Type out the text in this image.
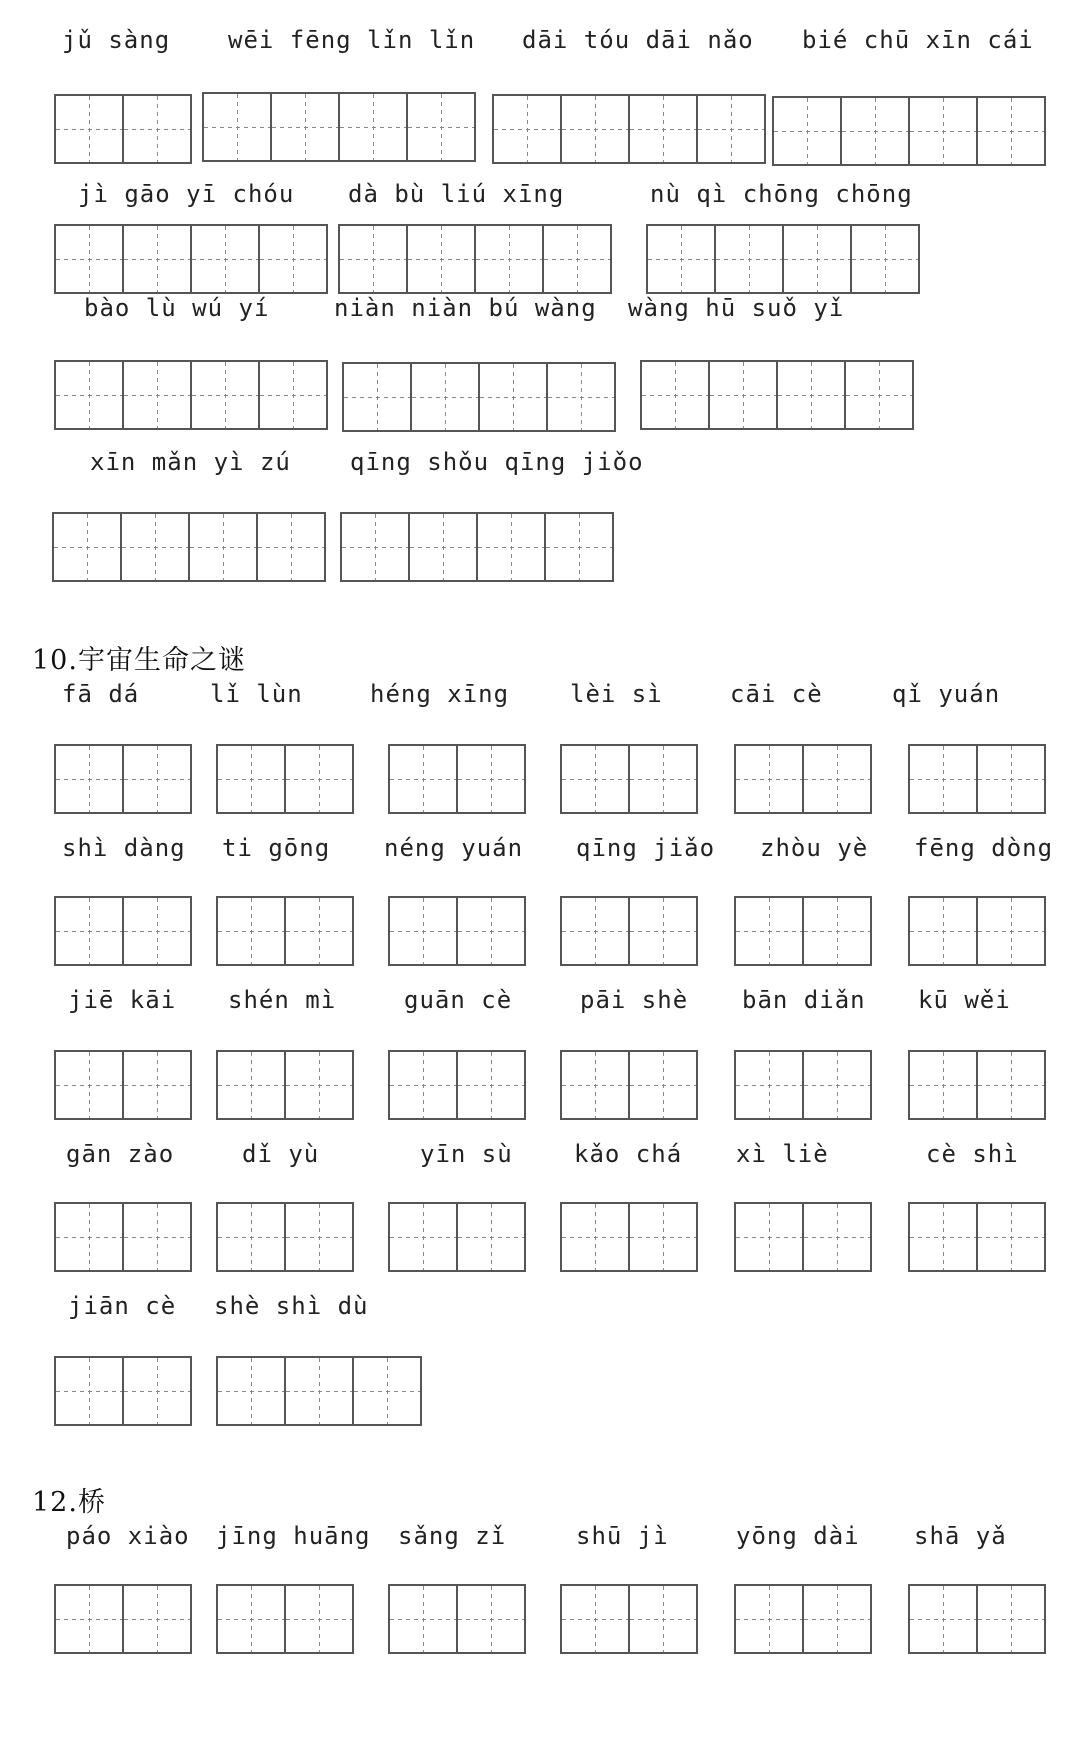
jǔ sàng wēi fēng lǐn lǐn dāi tóu dāi nǎo bié chū xīn cái
jì gāo yī chóu dà bù liú xīng	nù qì chōng chōng
bào lù wú yí	niàn niàn bú wàng wàng hū suǒ yǐ
xīn mǎn yì zú qīng shǒu qīng jiǒo
10.宇宙生命之谜
fā dá	lǐ lùn	héng xīng	lèi sì	cāi cè	qǐ yuán
shì dàng ti gōng néng yuán qīng jiǎo zhòu yè fēng dòng
jiē kāi shén mì	guān cè	pāi shè bān diǎn kū wěi
gān zào	dǐ yù	yīn sù	kǎo chá xì liè	cè shì
jiān cè shè shì dù
12.桥
páo xiào jīng huāng sǎng zǐ	shū jì	yōng dài shā yǎ
